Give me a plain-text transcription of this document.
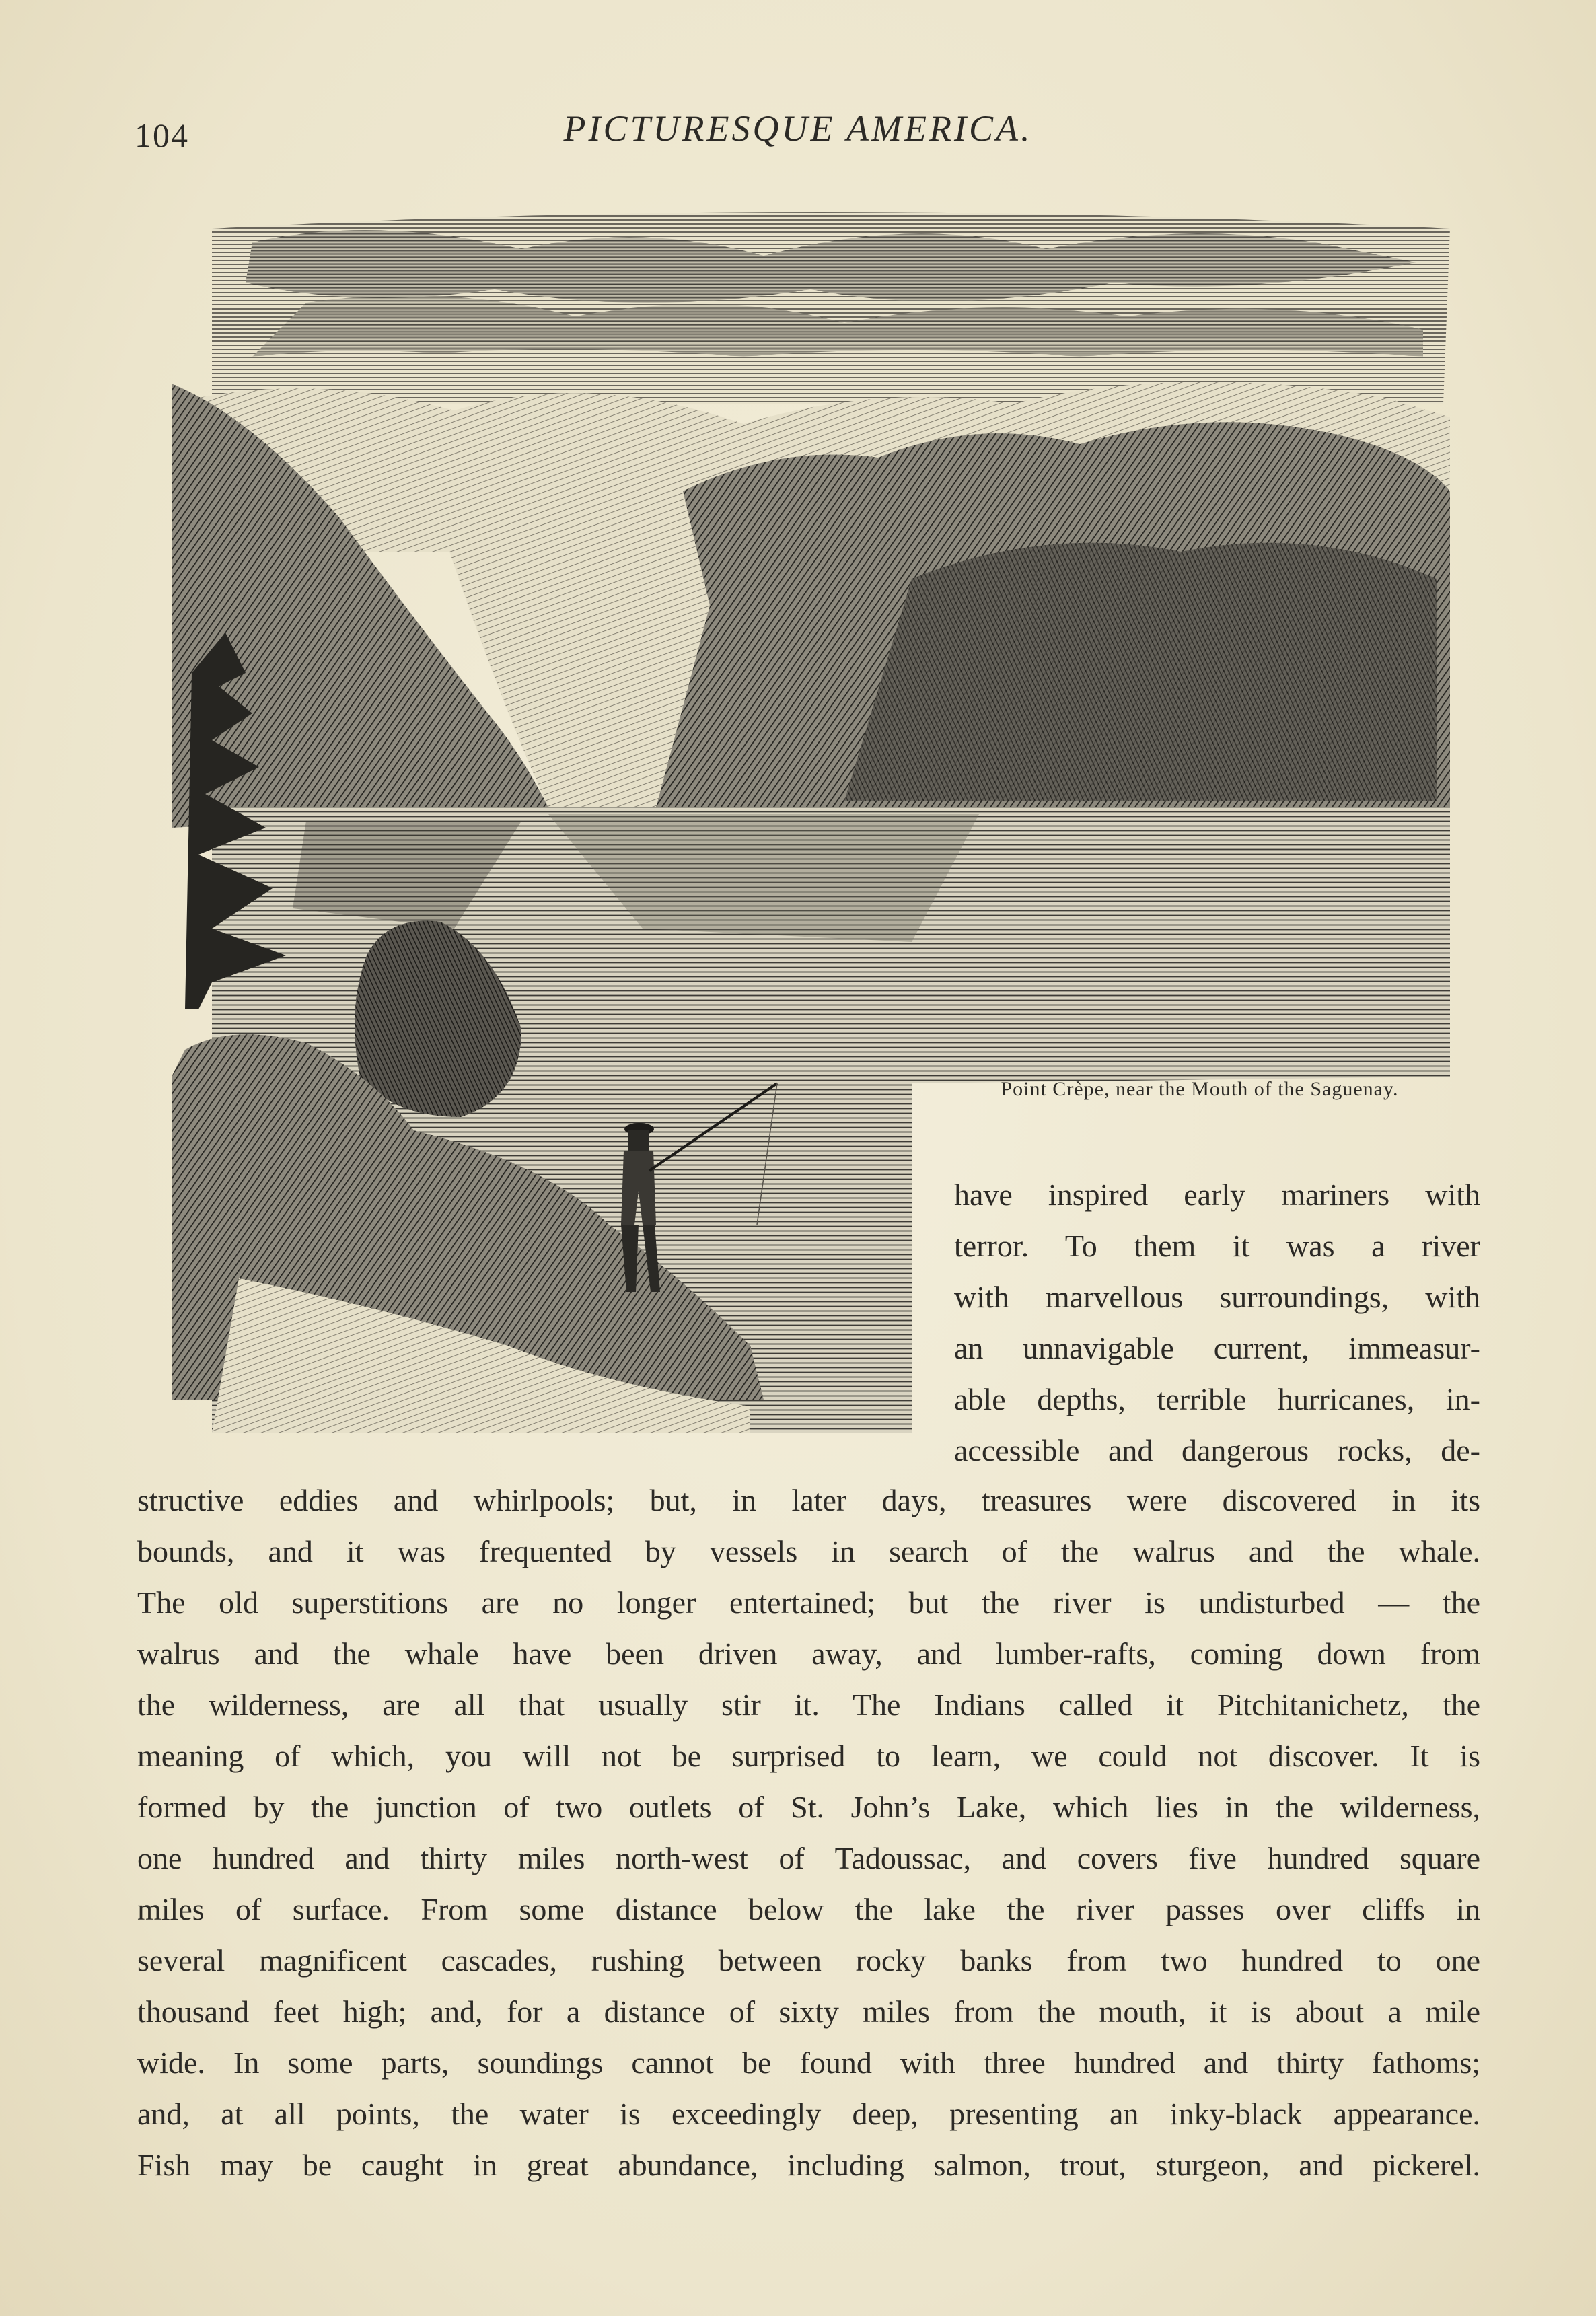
104	PICTURESQUE AMERICA.
Point Crèpe, near the Mouth of the Saguenay.
have inspired early mariners with
terror. To them it was a river
with marvellous surroundings, with
an unnavigable current, immeasur-
able depths, terrible hurricanes, in-
accessible and dangerous rocks, de-
structive eddies and whirlpools; but, in later days, treasures were discovered in its
bounds, and it was frequented by vessels in search of the walrus and the whale.
The old superstitions are no longer entertained; but the river is undisturbed — the
walrus and the whale have been driven away, and lumber-rafts, coming down from
the wilderness, are all that usually stir it. The Indians called it Pitchitanichetz, the
meaning of which, you will not be surprised to learn, we could not discover. It is
formed by the junction of two outlets of St. John’s Lake, which lies in the wilderness,
one hundred and thirty miles north-west of Tadoussac, and covers five hundred square
miles of surface. From some distance below the lake the river passes over cliffs in
several magnificent cascades, rushing between rocky banks from two hundred to one
thousand feet high; and, for a distance of sixty miles from the mouth, it is about a mile
wide. In some parts, soundings cannot be found with three hundred and thirty fathoms;
and, at all points, the water is exceedingly deep, presenting an inky-black appearance.
Fish may be caught in great abundance, including salmon, trout, sturgeon, and pickerel.
